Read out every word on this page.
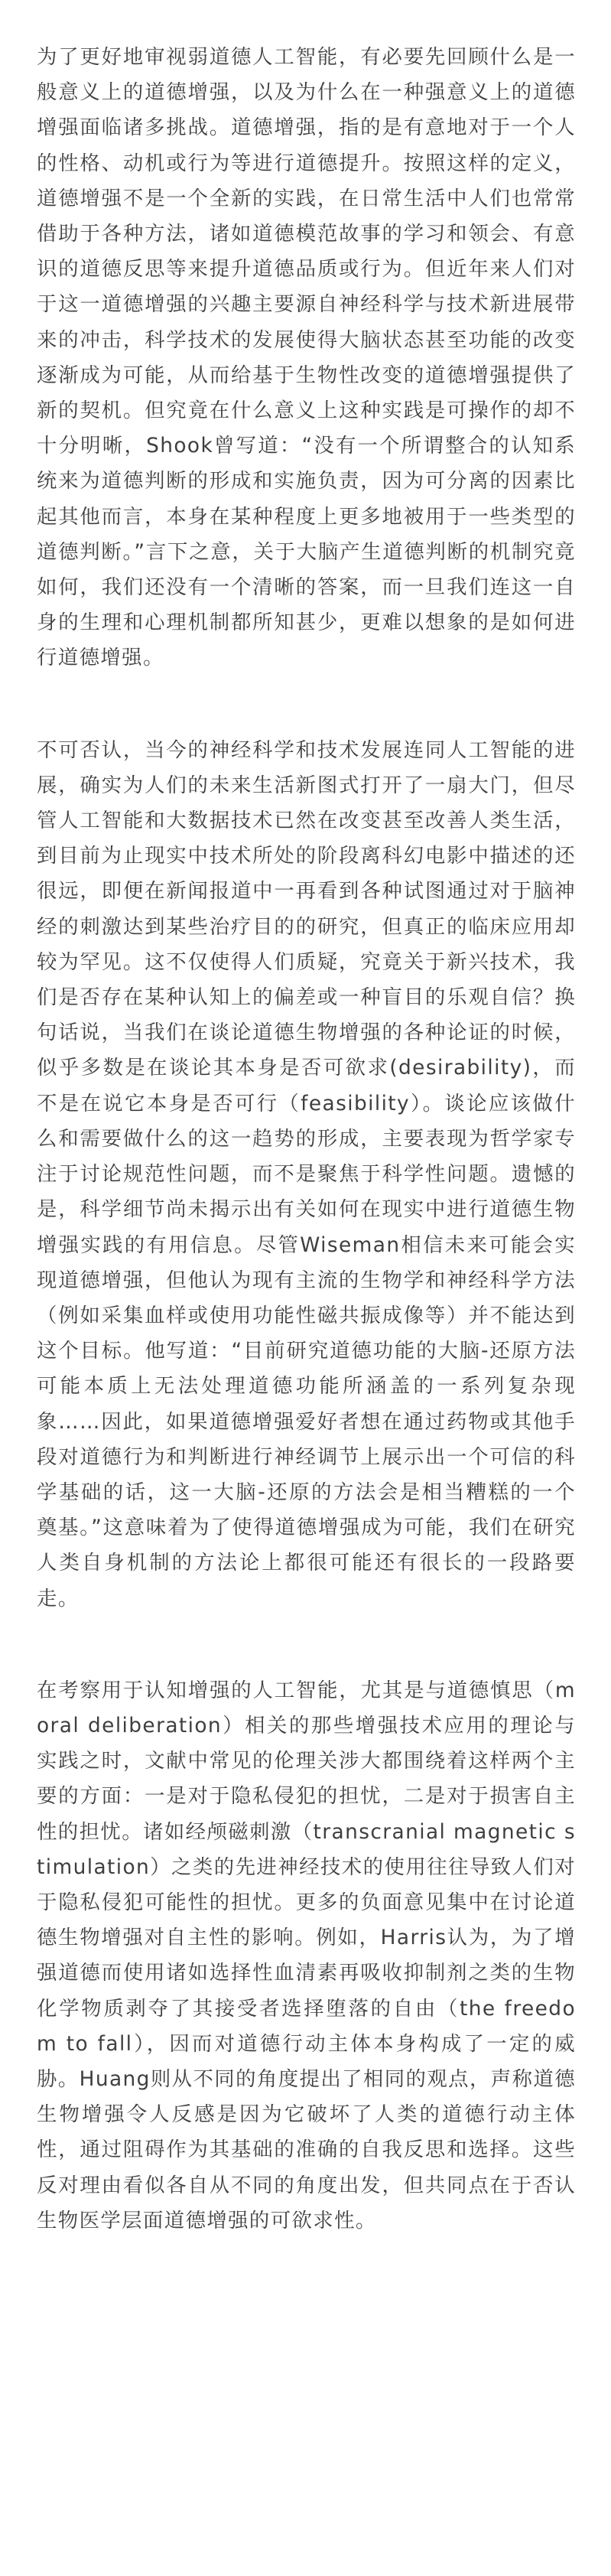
为了更好地审视弱道德人工智能，有必要先回顾什么是一般意义上的道德增强，以及为什么在一种强意义上的道德增强面临诸多挑战。道德增强，指的是有意地对于一个人的性格、动机或行为等进行道德提升。按照这样的定义，道德增强不是一个全新的实践，在日常生活中人们也常常借助于各种方法，诸如道德模范故事的学习和领会、有意识的道德反思等来提升道德品质或行为。但近年来人们对于这一道德增强的兴趣主要源自神经科学与技术新进展带来的冲击，科学技术的发展使得大脑状态甚至功能的改变逐渐成为可能，从而给基于生物性改变的道德增强提供了新的契机。但究竟在什么意义上这种实践是可操作的却不十分明晰，Shook曾写道：“没有一个所谓整合的认知系统来为道德判断的形成和实施负责，因为可分离的因素比起其他而言，本身在某种程度上更多地被用于一些类型的道德判断。”言下之意，关于大脑产生道德判断的机制究竟如何，我们还没有一个清晰的答案，而一旦我们连这一自身的生理和心理机制都所知甚少，更难以想象的是如何进行道德增强。

不可否认，当今的神经科学和技术发展连同人工智能的进展，确实为人们的未来生活新图式打开了一扇大门，但尽管人工智能和大数据技术已然在改变甚至改善人类生活，到目前为止现实中技术所处的阶段离科幻电影中描述的还很远，即便在新闻报道中一再看到各种试图通过对于脑神经的刺激达到某些治疗目的的研究，但真正的临床应用却较为罕见。这不仅使得人们质疑，究竟关于新兴技术，我们是否存在某种认知上的偏差或一种盲目的乐观自信？换句话说，当我们在谈论道德生物增强的各种论证的时候，似乎多数是在谈论其本身是否可欲求(desirability)，而不是在说它本身是否可行（feasibility）。谈论应该做什么和需要做什么的这一趋势的形成，主要表现为哲学家专注于讨论规范性问题，而不是聚焦于科学性问题。遗憾的是，科学细节尚未揭示出有关如何在现实中进行道德生物增强实践的有用信息。尽管Wiseman相信未来可能会实现道德增强，但他认为现有主流的生物学和神经科学方法（例如采集血样或使用功能性磁共振成像等）并不能达到这个目标。他写道：“目前研究道德功能的大脑-还原方法可能本质上无法处理道德功能所涵盖的一系列复杂现象……因此，如果道德增强爱好者想在通过药物或其他手段对道德行为和判断进行神经调节上展示出一个可信的科学基础的话，这一大脑-还原的方法会是相当糟糕的一个奠基。”这意味着为了使得道德增强成为可能，我们在研究人类自身机制的方法论上都很可能还有很长的一段路要走。

在考察用于认知增强的人工智能，尤其是与道德慎思（moral deliberation）相关的那些增强技术应用的理论与实践之时，文献中常见的伦理关涉大都围绕着这样两个主要的方面：一是对于隐私侵犯的担忧，二是对于损害自主性的担忧。诸如经颅磁刺激（transcranial magnetic stimulation）之类的先进神经技术的使用往往导致人们对于隐私侵犯可能性的担忧。更多的负面意见集中在讨论道德生物增强对自主性的影响。例如，Harris认为，为了增强道德而使用诸如选择性血清素再吸收抑制剂之类的生物化学物质剥夺了其接受者选择堕落的自由（the freedom to fall），因而对道德行动主体本身构成了一定的威胁。Huang则从不同的角度提出了相同的观点，声称道德生物增强令人反感是因为它破坏了人类的道德行动主体性，通过阻碍作为其基础的准确的自我反思和选择。这些反对理由看似各自从不同的角度出发，但共同点在于否认生物医学层面道德增强的可欲求性。
